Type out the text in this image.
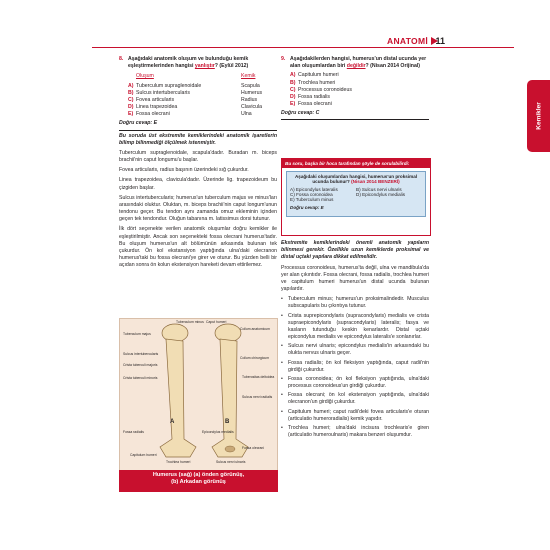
ANATOMİ 11
Kemikler
8. Aşağıdaki anatomik oluşum ve bulunduğu kemik eşleştirmelerinden hangisi yanlıştır? (Eylül 2012)
Oluşum	Kemik
A) Tuberculum supraglenoidale	Scapula
B) Sulcus intertubercularis	Humerus
C) Fovea articularis	Radius
D) Linea trapezoidea	Clavicula
E) Fossa olecrani	Ulna
Doğru cevap: E

Bu soruda üst ekstremite kemiklerindeki anatomik işaretlerin bilimp bilinmediği ölçülmek istenmiştir.

Tuberculum supraglenoidale, scapula'dadır. Buradan m. biceps brachii'nin caput longumu'u başlar.

Fovea articularis, radius başının üzerindeki sığ çukurdur.

Linea trapezoidea, clavicula'dadır. Üzerinde lig. trapezoideum bu çizgiden başlar.

Sulcus intertubercularis; humerus'un tuberculum majus ve minus'ları arasındaki oluktur. Oluktan, m. biceps brachii'nin caput longum'unun tendonu geçer. Bu tendon aynı zamanda omuz ekleminin içinden geçen tek tendondur. Oluğun tabanına m. latissimus dorsi tutunur.

İlk dört seçenekte verilen anatomik oluşumlar doğru kemikler ile eşleştirilmiştir. Ancak son seçenekteki fossa olecrani humerus'tadır. Bu oluşum humerus'un alt bölümünün arkasında bulunan tek çukurdur. Ön kol ekstansiyon yaptığında ulna'daki olecranon humerus'taki bu fossa olecrani'ye girer ve oturur. Bu yüzden belli bir açıdan sonra ön kolun ekstensiyon hareketi devam ettirilemez.

Tuberculum minus Caput humeri
Collum anatomicum
Tuberculum majus
Collum chirurgicum
Sulcus intertubercularis
Crista tuberculi majoris
Crista tuberculi minoris	Tuberositas deltoidea
Sulcus nervi radialis
Epicondylus medialis
Fossa radialis
Capitulum humeri
Trochlea humeri	Sulcus nervi ulnaris
Fossa olecrani
A	B
Humerus (sağ) (a) önden görünüş,
(b) Arkadan görünüş
9. Aşağıdakilerden hangisi, humerus'un distal ucunda yer alan oluşumlardan biri değildir? (Nisan 2014 Orijinal)
A) Capitulum humeri
B) Trochlea humeri
C) Processus coronoideus
D) Fossa radialis
E) Fossa olecrani
Doğru cevap: C
Bu soru, başka bir hoca tarafından şöyle de sorulabilirdi:
Aşağıdaki oluşumlardan hangisi, humerus'un proksimal ucunda bulunur? (Nisan 2014 BENZERİ)
A) Epicondylus lateralis	B) Sulcus nervi ulnaris
C) Fossa coronoidea	D) Epicondylus medialis
E) Tuberculum minus
Doğru cevap: E

Ekstremite kemiklerindeki önemli anatomik yapıların bilinmesi gerekir. Özellikle uzun kemiklerde proksimal ve distal uçtaki yapılara dikkat edilmelidir.

Processus coronoideus, humerus'ta değil, ulna ve mandibula'da yer alan çıkıntıdır. Fossa olecrani, fossa radialis, trochlea humeri ve capitulum humeri humerus'un distal ucunda bulunan yapılardır.

• Tuberculum minus; humerus'un proksimalindedir. Musculus subscapularis bu çıkıntıya tutunur.
• Crista suprepicondylaris (supracondylaris) medialis ve crista supraepicondylaris (supracondylaris) lateralis; fasya ve kasların tutunduğu keskin kenarlardır. Distal uçtaki epicondylus medialis ve epicondylus lateralis'e sonlanırlar.
• Sulcus nervi ulnaris; epicondylus medialis'in arkasındaki bu olukta nervus ulnaris geçer.
• Fossa radialis; ön kol fleksiyon yaptığında, caput radii'nin girdiği çukurdur.
• Fossa coronoidea; ön kol fleksiyon yaptığında, ulna'daki processus coronoideus'un girdiği çukurdur.
• Fossa olecrani; ön kol ekstensiyon yaptığında, ulna'daki olecranon'un girdiği çukurdur.
• Capitulum humeri; caput radii'deki fovea articularis'e oturan (articulatio humeroradialis) kemik yapıdır.
• Trochlea humeri; ulna'daki incisura trochlearis'e giren (articulatio humeroulnaris) makara benzeri oluşumdur.
